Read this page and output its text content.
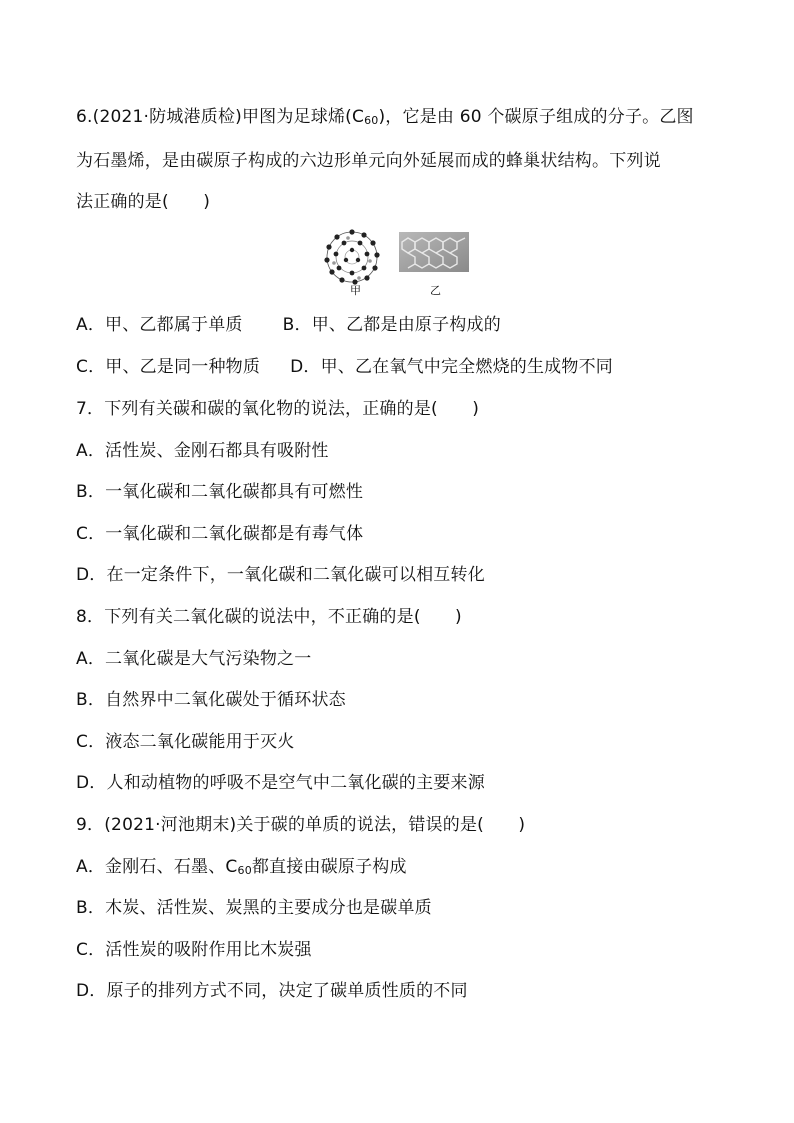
6.(2021·防城港质检)甲图为足球烯$(C_{60})$，它是由 60 个碳原子组成的分子。乙图
为石墨烯，是由碳原子构成的六边形单元向外延展而成的蜂巢状结构。下列说
法正确的是(　　)
甲	乙
A．甲、乙都属于单质 B．甲、乙都是由原子构成的
C．甲、乙是同一种物质 D．甲、乙在氧气中完全燃烧的生成物不同
7．下列有关碳和碳的氧化物的说法，正确的是(　　)
A．活性炭、金刚石都具有吸附性
B．一氧化碳和二氧化碳都具有可燃性
C．一氧化碳和二氧化碳都是有毒气体
D．在一定条件下，一氧化碳和二氧化碳可以相互转化
8．下列有关二氧化碳的说法中，不正确的是(　　)
A．二氧化碳是大气污染物之一
B．自然界中二氧化碳处于循环状态
C．液态二氧化碳能用于灭火
D．人和动植物的呼吸不是空气中二氧化碳的主要来源
9．(2021·河池期末)关于碳的单质的说法，错误的是(　　)
A．金刚石、石墨、$C_{60}$都直接由碳原子构成
B．木炭、活性炭、炭黑的主要成分也是碳单质
C．活性炭的吸附作用比木炭强
D．原子的排列方式不同，决定了碳单质性质的不同
